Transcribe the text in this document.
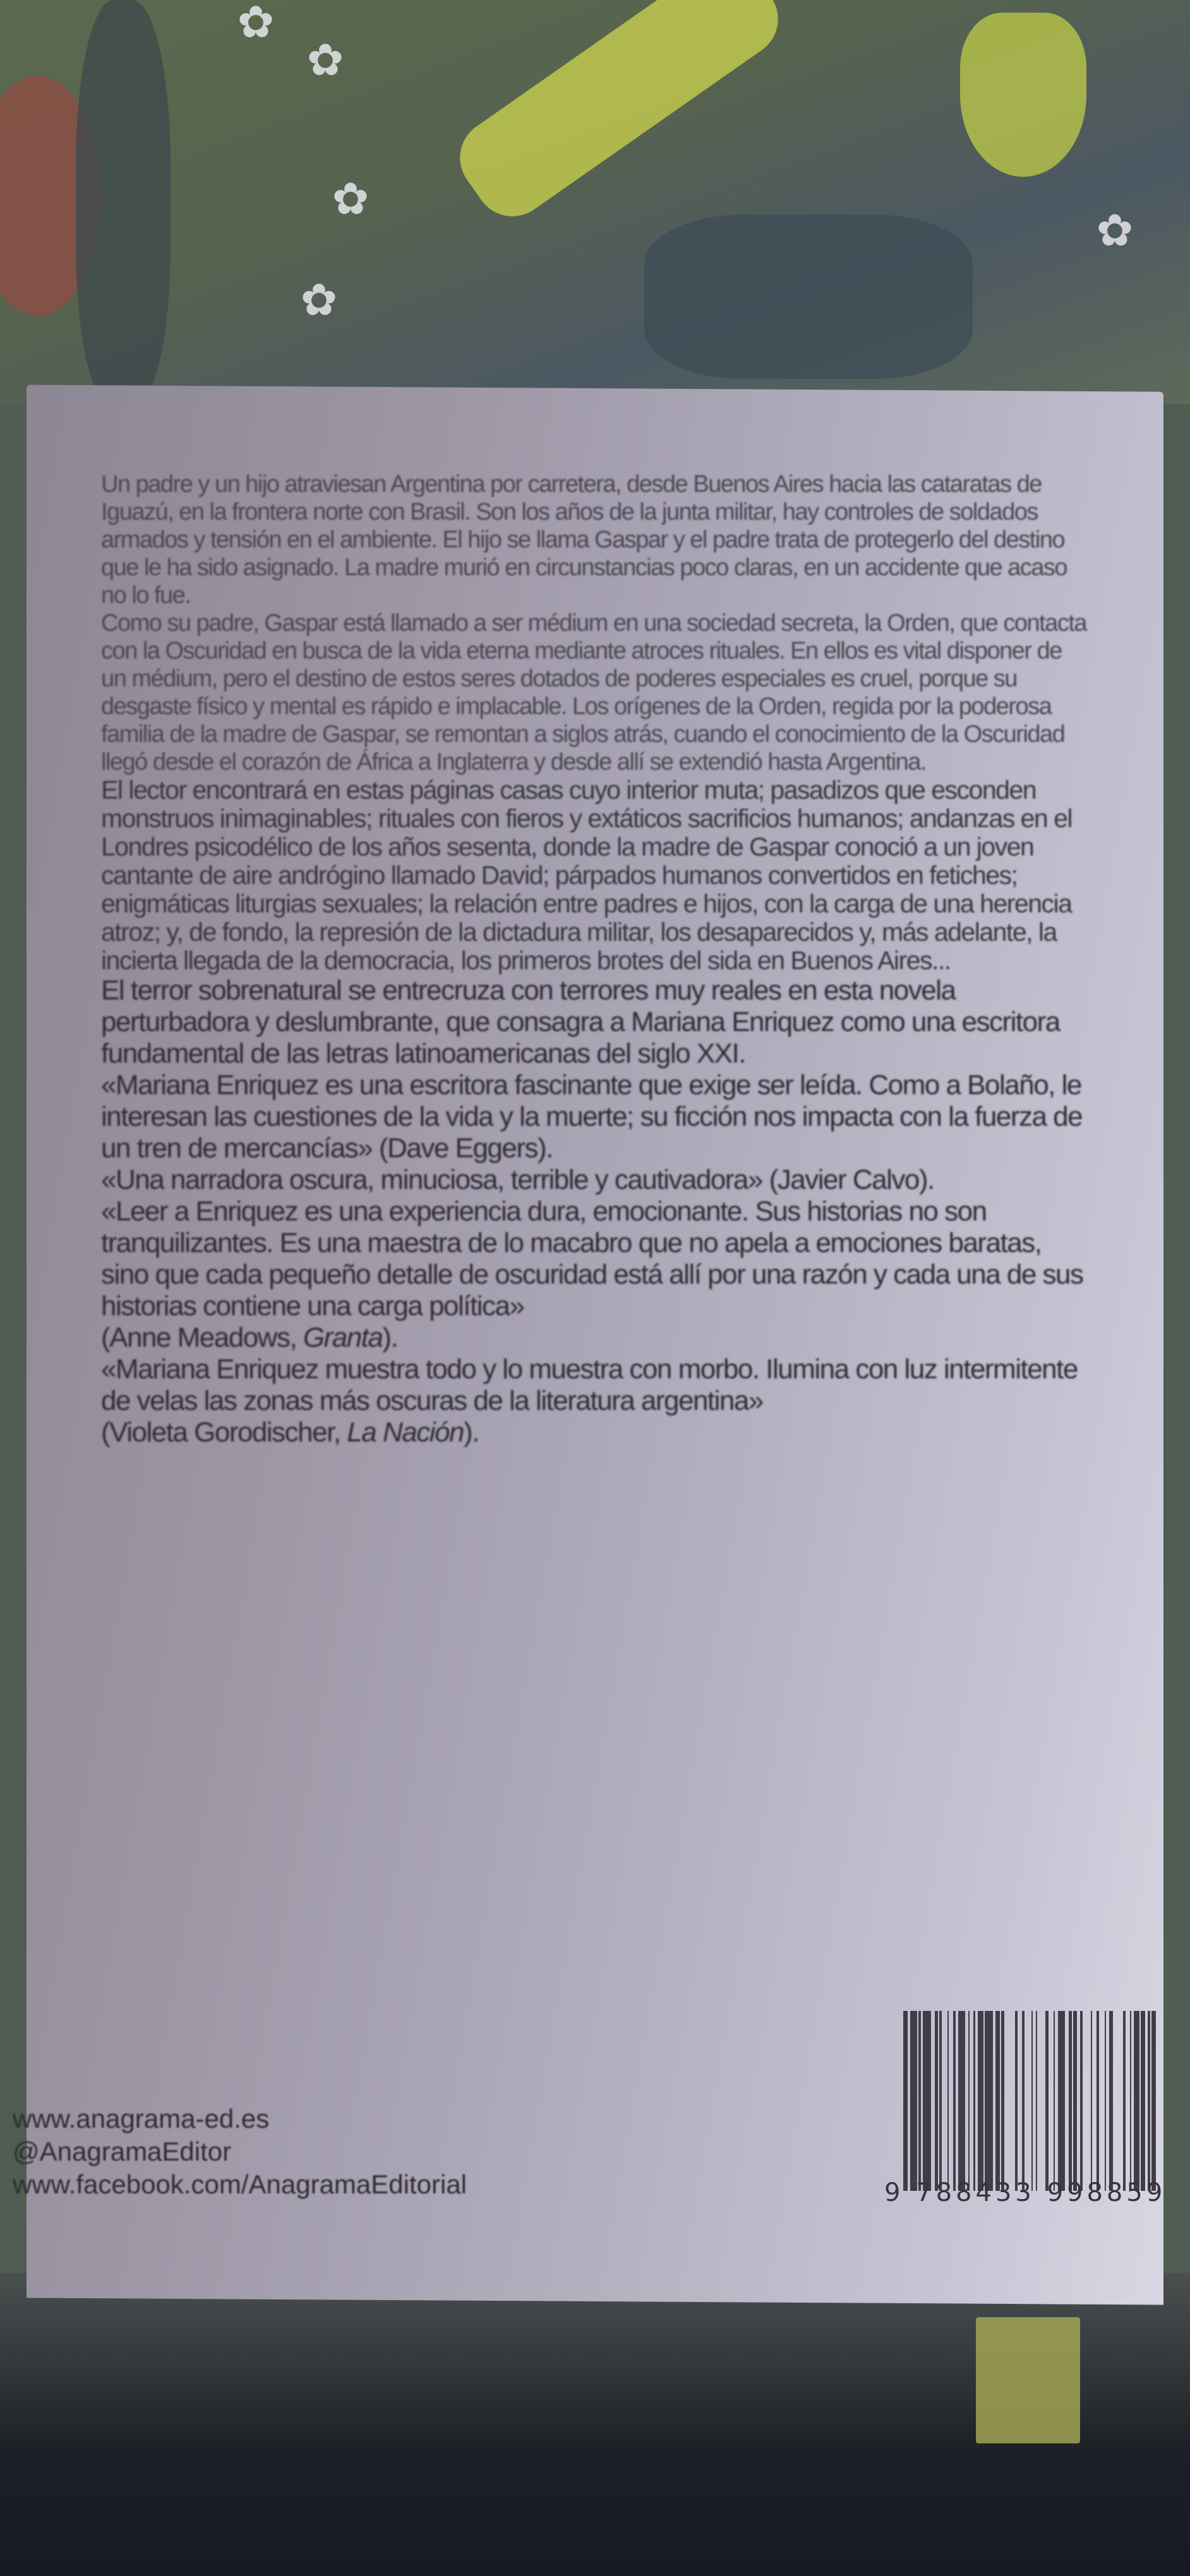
✿
✿
✿
✿
✿

Un padre y un hijo atraviesan Argentina por carretera, desde Buenos Aires hacia las cataratas de Iguazú, en la frontera norte con Brasil. Son los años de la junta militar, hay controles de soldados armados y tensión en el ambiente. El hijo se llama Gaspar y el padre trata de protegerlo del destino que le ha sido asignado. La madre murió en circunstancias poco claras, en un accidente que acaso no lo fue.

Como su padre, Gaspar está llamado a ser médium en una sociedad secreta, la Orden, que contacta con la Oscuridad en busca de la vida eterna mediante atroces rituales. En ellos es vital disponer de un médium, pero el destino de estos seres dotados de poderes especiales es cruel, porque su desgaste físico y mental es rápido e implacable. Los orígenes de la Orden, regida por la poderosa familia de la madre de Gaspar, se remontan a siglos atrás, cuando el conocimiento de la Oscuridad llegó desde el corazón de África a Inglaterra y desde allí se extendió hasta Argentina.

El lector encontrará en estas páginas casas cuyo interior muta; pasadizos que esconden monstruos inimaginables; rituales con fieros y extáticos sacrificios humanos; andanzas en el Londres psicodélico de los años sesenta, donde la madre de Gaspar conoció a un joven cantante de aire andrógino llamado David; párpados humanos convertidos en fetiches; enigmáticas liturgias sexuales; la relación entre padres e hijos, con la carga de una herencia atroz; y, de fondo, la represión de la dictadura militar, los desaparecidos y, más adelante, la incierta llegada de la democracia, los primeros brotes del sida en Buenos Aires...

El terror sobrenatural se entrecruza con terrores muy reales en esta novela perturbadora y deslumbrante, que consagra a Mariana Enriquez como una escritora fundamental de las letras latinoamericanas del siglo XXI.

«Mariana Enriquez es una escritora fascinante que exige ser leída. Como a Bolaño, le interesan las cuestiones de la vida y la muerte; su ficción nos impacta con la fuerza de un tren de mercancías» (Dave Eggers).

«Una narradora oscura, minuciosa, terrible y cautivadora» (Javier Calvo).

«Leer a Enriquez es una experiencia dura, emocionante. Sus historias no son tranquilizantes. Es una maestra de lo macabro que no apela a emociones baratas, sino que cada pequeño detalle de oscuridad está allí por una razón y cada una de sus historias contiene una carga política»
(Anne Meadows, Granta).

«Mariana Enriquez muestra todo y lo muestra con morbo. Ilumina con luz intermitente de velas las zonas más oscuras de la literatura argentina»
(Violeta Gorodischer, La Nación).

www.anagrama-ed.es
@AnagramaEditor
www.facebook.com/AnagramaEditorial	9 788433 998859
